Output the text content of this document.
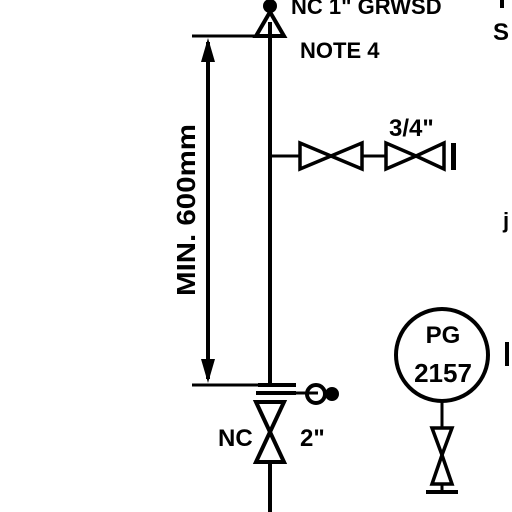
NC 1" GRWSD
NOTE 4
S
j
MIN. 600mm
3/4"
NC 2"
PG
2157
